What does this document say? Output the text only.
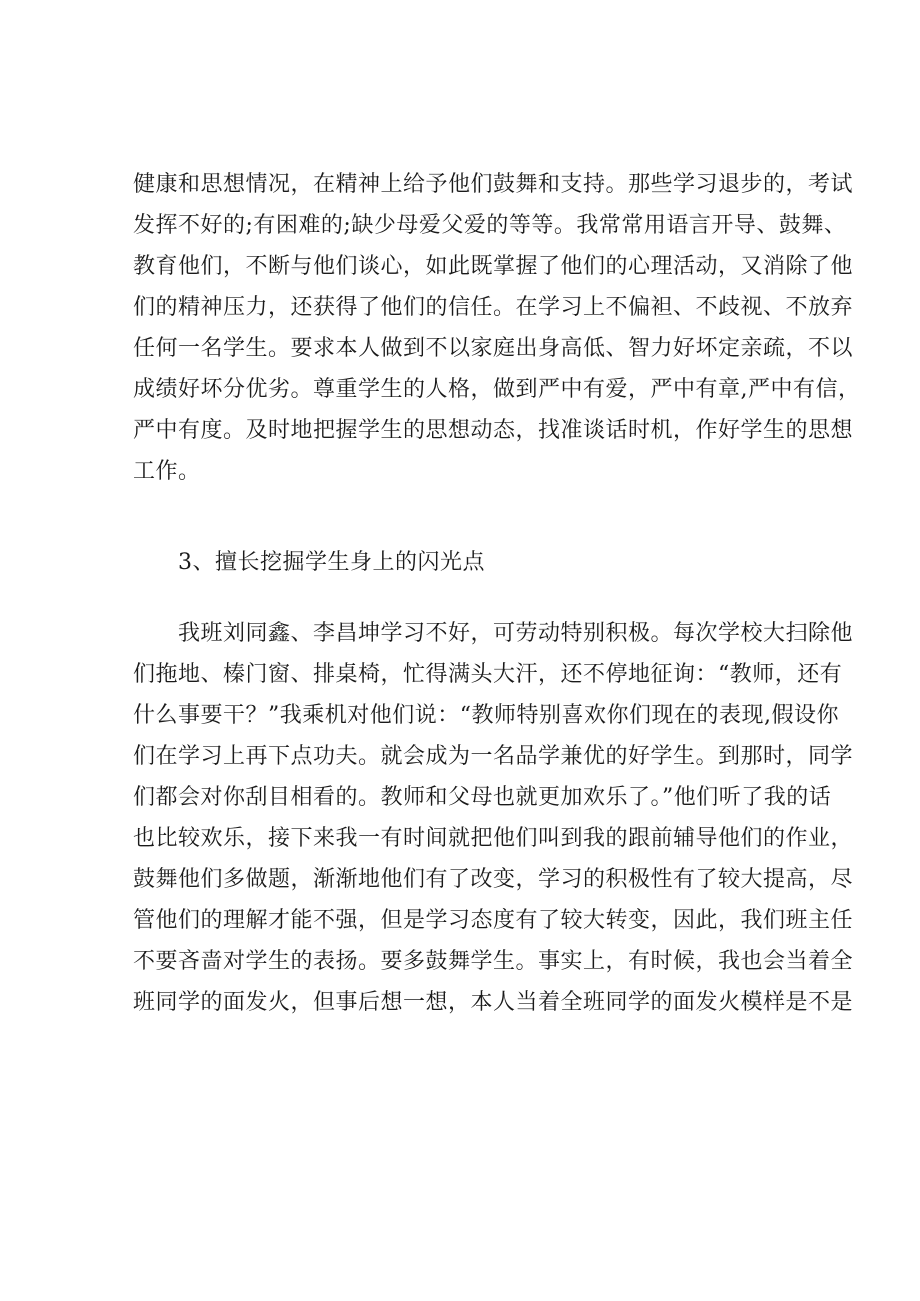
健康和思想情况，在精神上给予他们鼓舞和支持。那些学习退步的，考试
发挥不好的;有困难的;缺少母爱父爱的等等。我常常用语言开导、鼓舞、
教育他们，不断与他们谈心，如此既掌握了他们的心理活动，又消除了他
们的精神压力，还获得了他们的信任。在学习上不偏袒、不歧视、不放弃
任何一名学生。要求本人做到不以家庭出身高低、智力好坏定亲疏，不以
成绩好坏分优劣。尊重学生的人格，做到严中有爱，严中有章,严中有信，
严中有度。及时地把握学生的思想动态，找准谈话时机，作好学生的思想
工作。
3、擅长挖掘学生身上的闪光点
我班刘同鑫、李昌坤学习不好，可劳动特别积极。每次学校大扫除他
们拖地、榛门窗、排桌椅，忙得满头大汗，还不停地征询：“教师，还有
什么事要干？”我乘机对他们说：“教师特别喜欢你们现在的表现,假设你
们在学习上再下点功夫。就会成为一名品学兼优的好学生。到那时，同学
们都会对你刮目相看的。教师和父母也就更加欢乐了。”他们听了我的话
也比较欢乐，接下来我一有时间就把他们叫到我的跟前辅导他们的作业，
鼓舞他们多做题，渐渐地他们有了改变，学习的积极性有了较大提高，尽
管他们的理解才能不强，但是学习态度有了较大转变，因此，我们班主任
不要吝啬对学生的表扬。要多鼓舞学生。事实上，有时候，我也会当着全
班同学的面发火，但事后想一想，本人当着全班同学的面发火模样是不是
